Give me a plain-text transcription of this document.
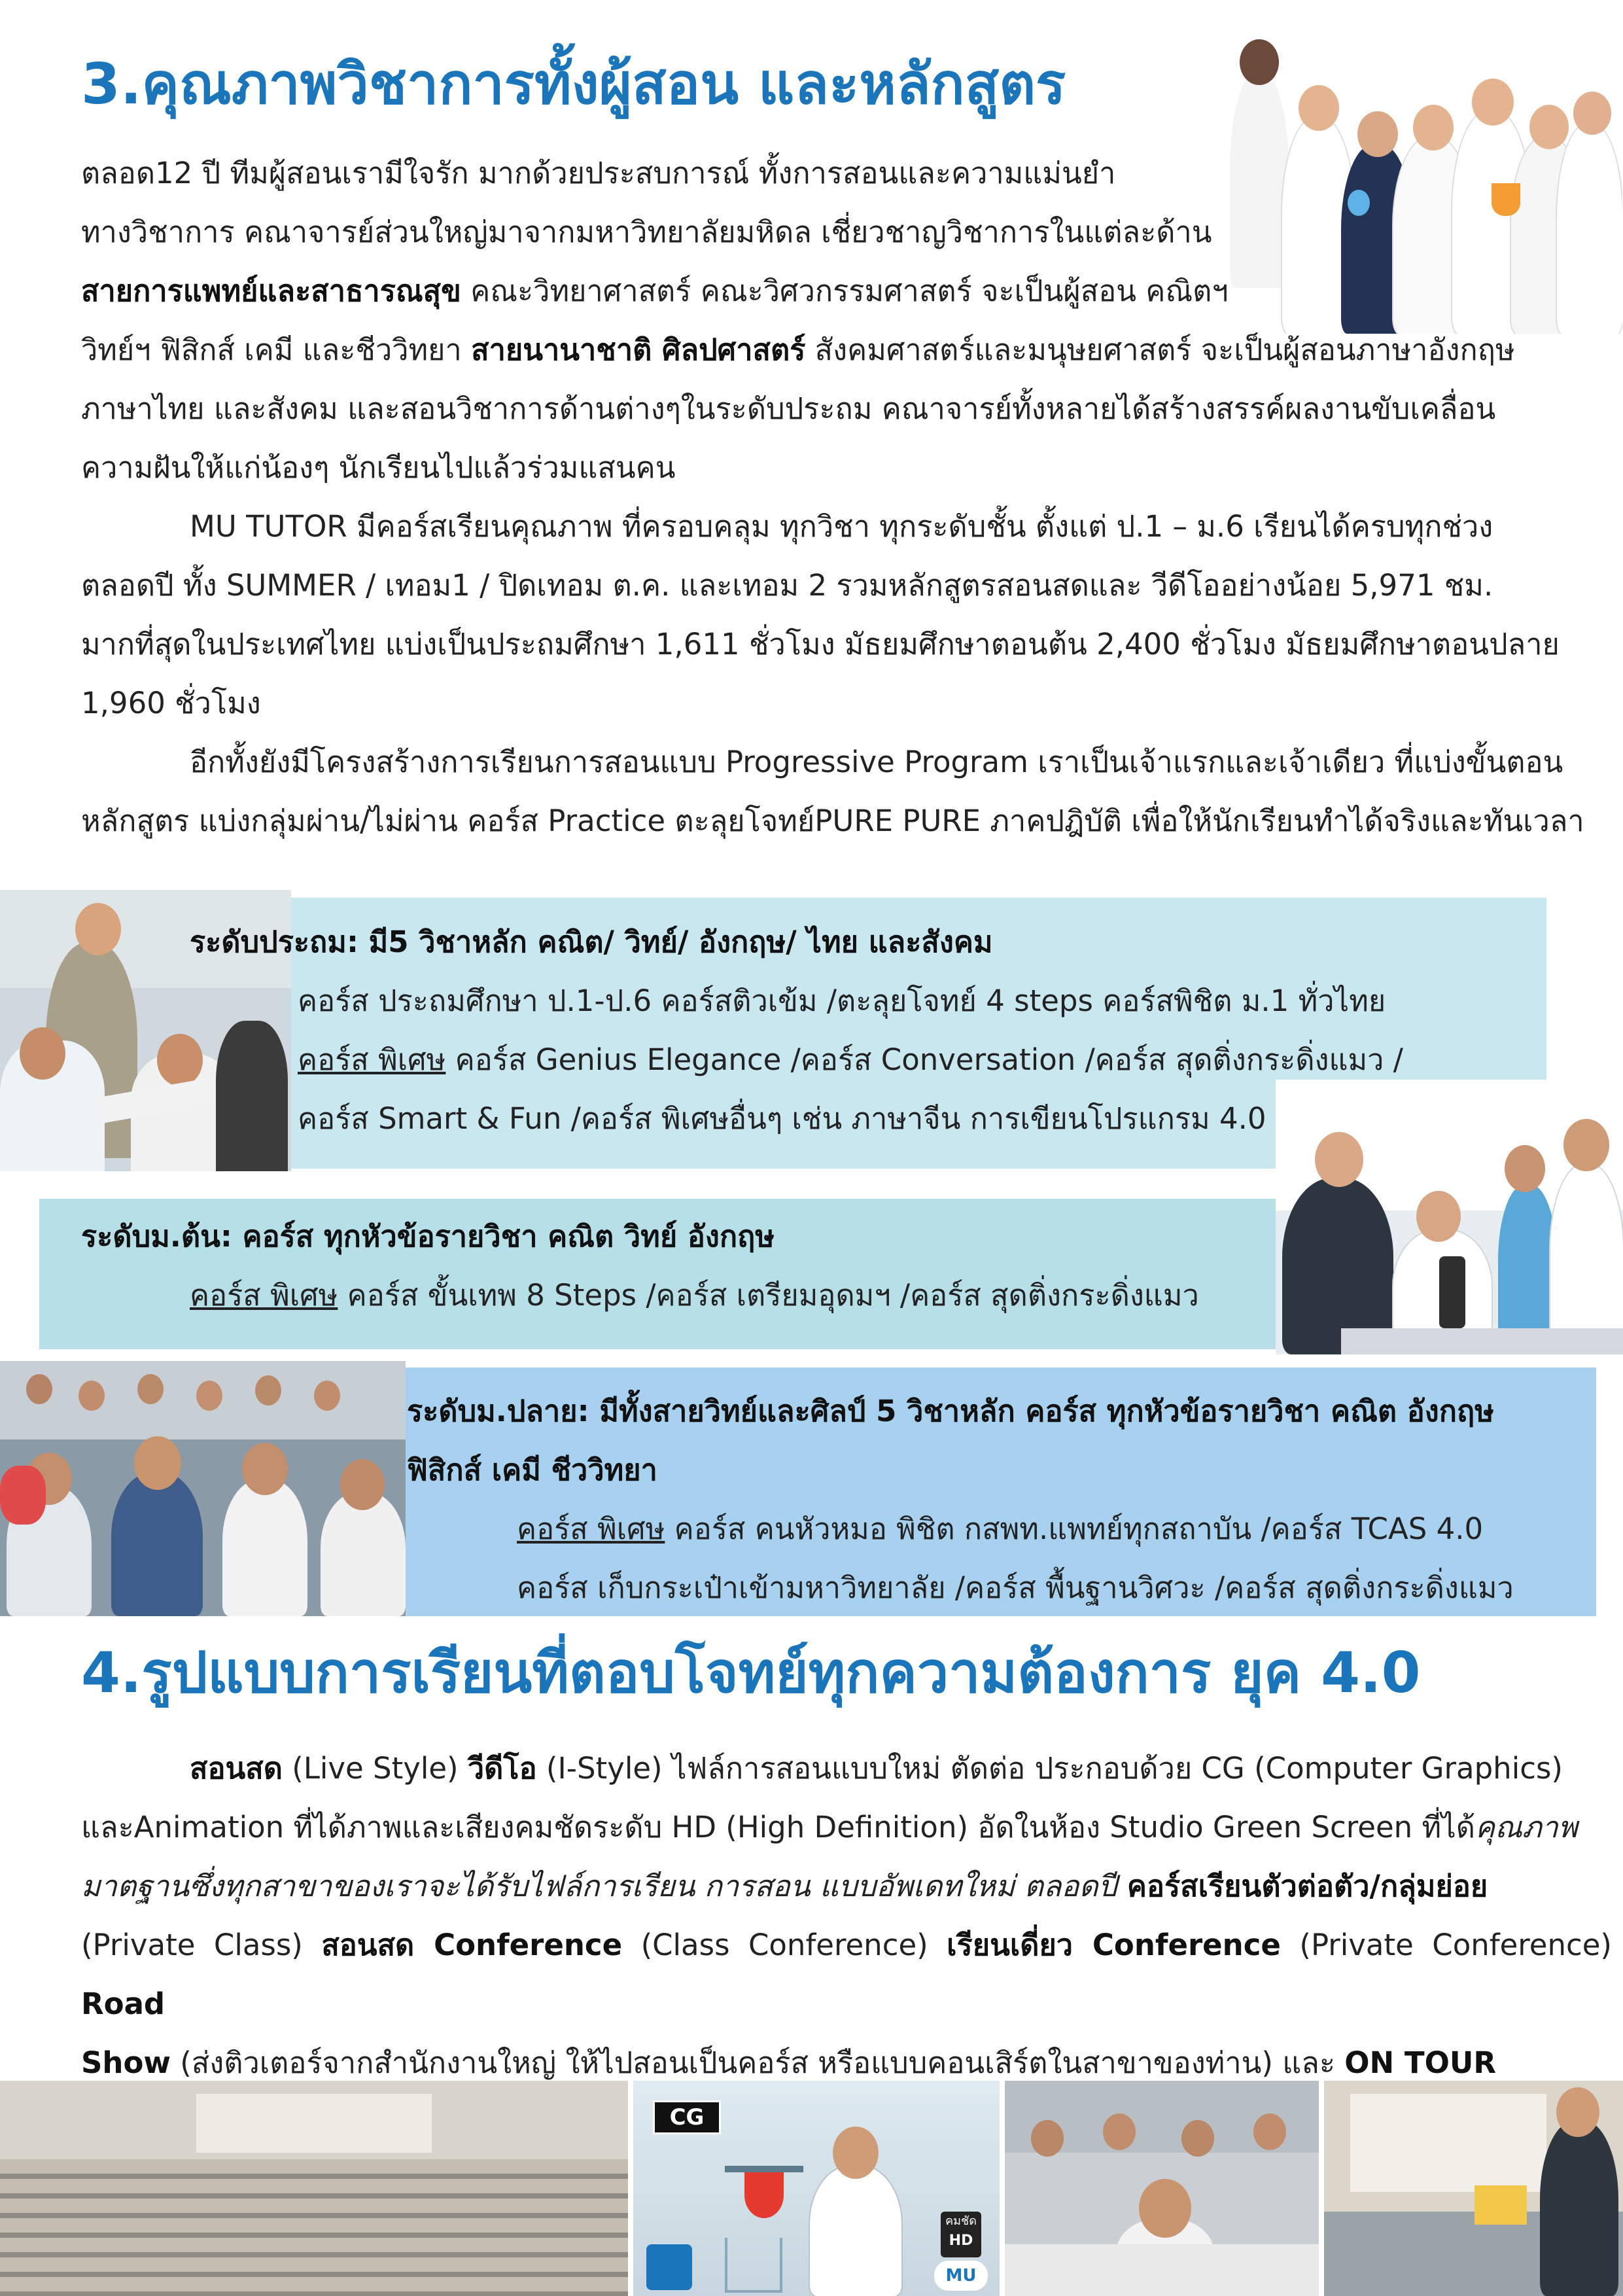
3.คุณภาพวิชาการทั้งผู้สอน และหลักสูตร

ตลอด12 ปี ทีมผู้สอนเรามีใจรัก มากด้วยประสบการณ์ ทั้งการสอนและความแม่นยำ

ทางวิชาการ คณาจารย์ส่วนใหญ่มาจากมหาวิทยาลัยมหิดล เชี่ยวชาญวิชาการในแต่ละด้าน

สายการแพทย์และสาธารณสุข คณะวิทยาศาสตร์ คณะวิศวกรรมศาสตร์ จะเป็นผู้สอน คณิตฯ

วิทย์ฯ ฟิสิกส์ เคมี และชีววิทยา สายนานาชาติ ศิลปศาสตร์ สังคมศาสตร์และมนุษยศาสตร์ จะเป็นผู้สอนภาษาอังกฤษ

ภาษาไทย และสังคม และสอนวิชาการด้านต่างๆในระดับประถม คณาจารย์ทั้งหลายได้สร้างสรรค์ผลงานขับเคลื่อน

ความฝันให้แก่น้องๆ นักเรียนไปแล้วร่วมแสนคน

MU TUTOR มีคอร์สเรียนคุณภาพ ที่ครอบคลุม ทุกวิชา ทุกระดับชั้น ตั้งแต่ ป.1 – ม.6 เรียนได้ครบทุกช่วง

ตลอดปี ทั้ง SUMMER / เทอม1 / ปิดเทอม ต.ค. และเทอม 2 รวมหลักสูตรสอนสดและ วีดีโออย่างน้อย 5,971 ชม.

มากที่สุดในประเทศไทย แบ่งเป็นประถมศึกษา 1,611 ชั่วโมง มัธยมศึกษาตอนต้น 2,400 ชั่วโมง มัธยมศึกษาตอนปลาย

1,960 ชั่วโมง

อีกทั้งยังมีโครงสร้างการเรียนการสอนแบบ Progressive Program เราเป็นเจ้าแรกและเจ้าเดียว ที่แบ่งขั้นตอน

หลักสูตร แบ่งกลุ่มผ่าน/ไม่ผ่าน คอร์ส Practice ตะลุยโจทย์PURE PURE ภาคปฎิบัติ เพื่อให้นักเรียนทำได้จริงและทันเวลา

ระดับประถม: มี5 วิชาหลัก คณิต/ วิทย์/ อังกฤษ/ ไทย และสังคม
คอร์ส ประถมศึกษา ป.1-ป.6 คอร์สติวเข้ม /ตะลุยโจทย์ 4 steps คอร์สพิชิต ม.1 ทั่วไทย
คอร์ส พิเศษ คอร์ส Genius Elegance /คอร์ส Conversation /คอร์ส สุดติ่งกระดิ่งแมว /
คอร์ส Smart & Fun /คอร์ส พิเศษอื่นๆ เช่น ภาษาจีน การเขียนโปรแกรม 4.0
ระดับม.ต้น: คอร์ส ทุกหัวข้อรายวิชา คณิต วิทย์ อังกฤษ
คอร์ส พิเศษ คอร์ส ขั้นเทพ 8 Steps /คอร์ส เตรียมอุดมฯ /คอร์ส สุดติ่งกระดิ่งแมว
ระดับม.ปลาย: มีทั้งสายวิทย์และศิลป์ 5 วิชาหลัก คอร์ส ทุกหัวข้อรายวิชา คณิต อังกฤษ
ฟิสิกส์ เคมี ชีววิทยา
คอร์ส พิเศษ คอร์ส คนหัวหมอ พิชิต กสพท.แพทย์ทุกสถาบัน /คอร์ส TCAS 4.0
คอร์ส เก็บกระเป๋าเข้ามหาวิทยาลัย /คอร์ส พื้นฐานวิศวะ /คอร์ส สุดติ่งกระดิ่งแมว
4.รูปแบบการเรียนที่ตอบโจทย์ทุกความต้องการ ยุค 4.0

สอนสด (Live Style) วีดีโอ (I-Style) ไฟล์การสอนแบบใหม่ ตัดต่อ ประกอบด้วย CG (Computer Graphics)

และAnimation ที่ได้ภาพและเสียงคมชัดระดับ HD (High Definition) อัดในห้อง Studio Green Screen ที่ได้คุณภาพ

มาตฐานซึ่งทุกสาขาของเราจะได้รับไฟล์การเรียน การสอน แบบอัพเดทใหม่ ตลอดปี คอร์สเรียนตัวต่อตัว/กลุ่มย่อย

(Private Class) สอนสด Conference (Class Conference) เรียนเดี่ยว Conference (Private Conference) Road

Show (ส่งติวเตอร์จากสำนักงานใหญ่ ให้ไปสอนเป็นคอร์ส หรือแบบคอนเสิร์ตในสาขาของท่าน) และ ON TOUR

CG
คมชัด
HD
MU
